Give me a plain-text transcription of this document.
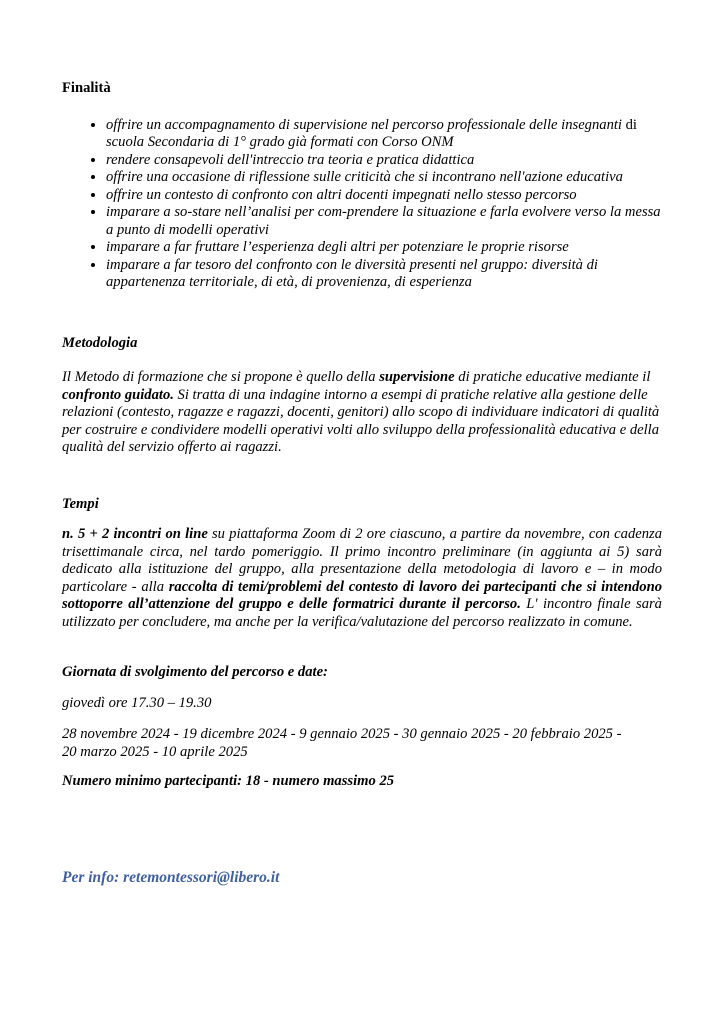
Finalità

• offrire un accompagnamento di supervisione nel percorso professionale delle insegnanti di scuola Secondaria di 1° grado già formati con Corso ONM
• rendere consapevoli dell'intreccio tra teoria e pratica didattica
• offrire una occasione di riflessione sulle criticità che si incontrano nell'azione educativa
• offrire un contesto di confronto con altri docenti impegnati nello stesso percorso
• imparare a so-stare nell’analisi per com-prendere la situazione e farla evolvere verso la messa a punto di modelli operativi
• imparare a far fruttare l’esperienza degli altri per potenziare le proprie risorse
• imparare a far tesoro del confronto con le diversità presenti nel gruppo: diversità di appartenenza territoriale, di età, di provenienza, di esperienza

Metodologia

Il Metodo di formazione che si propone è quello della supervisione di pratiche educative mediante il confronto guidato. Si tratta di una indagine intorno a esempi di pratiche relative alla gestione delle relazioni (contesto, ragazze e ragazzi, docenti, genitori) allo scopo di individuare indicatori di qualità per costruire e condividere modelli operativi volti allo sviluppo della professionalità educativa e della qualità del servizio offerto ai ragazzi.

Tempi

n. 5 + 2 incontri on line su piattaforma Zoom di 2 ore ciascuno, a partire da novembre, con cadenza trisettimanale circa, nel tardo pomeriggio. Il primo incontro preliminare (in aggiunta ai 5) sarà dedicato alla istituzione del gruppo, alla presentazione della metodologia di lavoro e – in modo particolare - alla raccolta di temi/problemi del contesto di lavoro dei partecipanti che si intendono sottoporre all’attenzione del gruppo e delle formatrici durante il percorso. L' incontro finale sarà utilizzato per concludere, ma anche per la verifica/valutazione del percorso realizzato in comune.

Giornata di svolgimento del percorso e date:

giovedì ore 17.30 – 19.30

28 novembre 2024 - 19 dicembre 2024 - 9 gennaio 2025 - 30 gennaio 2025 - 20 febbraio 2025 -
20 marzo 2025 - 10 aprile 2025

Numero minimo partecipanti: 18 - numero massimo 25

Per info: retemontessori@libero.it
